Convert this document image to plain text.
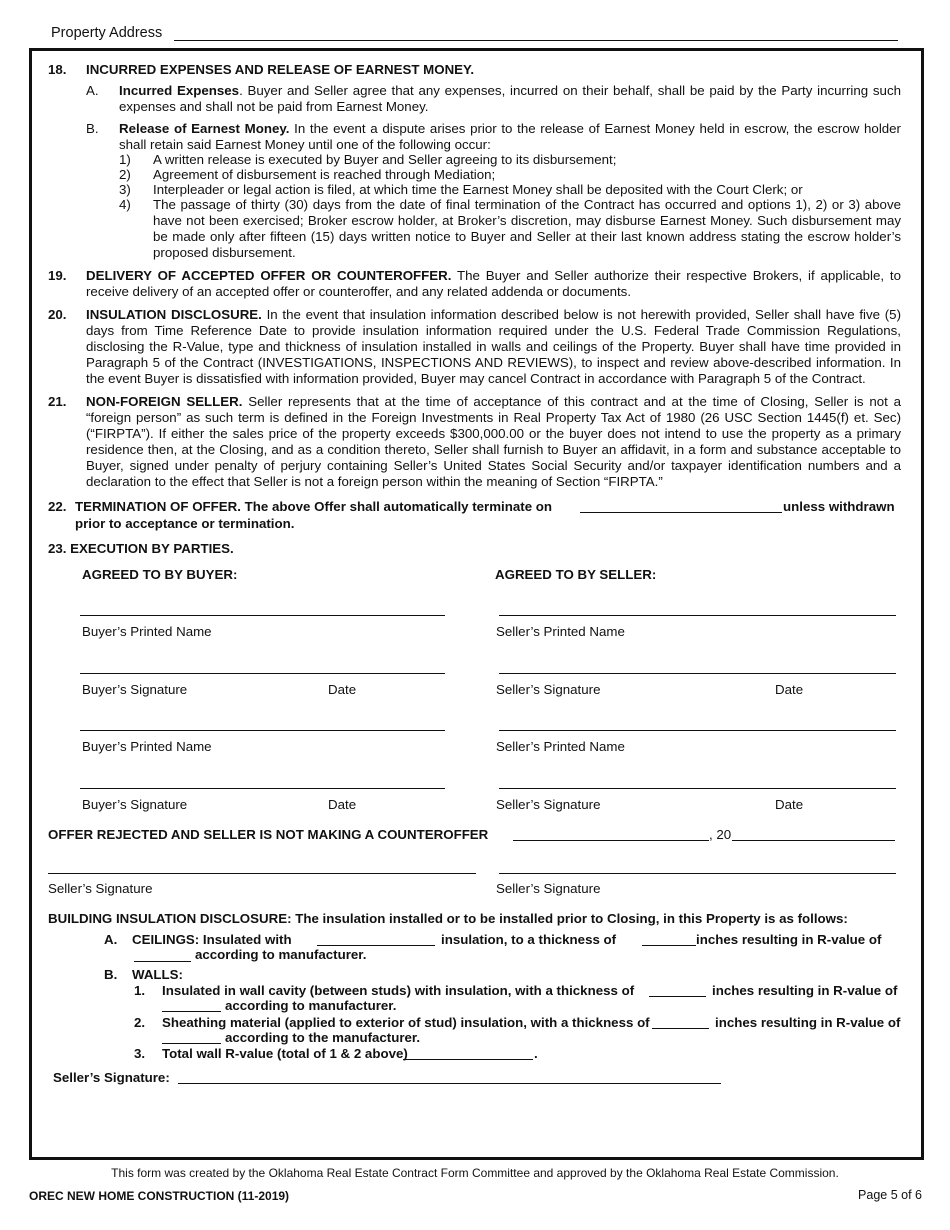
Property Address
18. INCURRED EXPENSES AND RELEASE OF EARNEST MONEY.
A. Incurred Expenses. Buyer and Seller agree that any expenses, incurred on their behalf, shall be paid by the Party incurring such expenses and shall not be paid from Earnest Money.
B. Release of Earnest Money. In the event a dispute arises prior to the release of Earnest Money held in escrow, the escrow holder shall retain said Earnest Money until one of the following occur:
1) A written release is executed by Buyer and Seller agreeing to its disbursement;
2) Agreement of disbursement is reached through Mediation;
3) Interpleader or legal action is filed, at which time the Earnest Money shall be deposited with the Court Clerk; or
4) The passage of thirty (30) days from the date of final termination of the Contract has occurred and options 1), 2) or 3) above have not been exercised; Broker escrow holder, at Broker’s discretion, may disburse Earnest Money. Such disbursement may be made only after fifteen (15) days written notice to Buyer and Seller at their last known address stating the escrow holder’s proposed disbursement.
19. DELIVERY OF ACCEPTED OFFER OR COUNTEROFFER. The Buyer and Seller authorize their respective Brokers, if applicable, to receive delivery of an accepted offer or counteroffer, and any related addenda or documents.
20. INSULATION DISCLOSURE. In the event that insulation information described below is not herewith provided, Seller shall have five (5) days from Time Reference Date to provide insulation information required under the U.S. Federal Trade Commission Regulations, disclosing the R-Value, type and thickness of insulation installed in walls and ceilings of the Property. Buyer shall have time provided in Paragraph 5 of the Contract (INVESTIGATIONS, INSPECTIONS AND REVIEWS), to inspect and review above-described information. In the event Buyer is dissatisfied with information provided, Buyer may cancel Contract in accordance with Paragraph 5 of the Contract.
21. NON-FOREIGN SELLER. Seller represents that at the time of acceptance of this contract and at the time of Closing, Seller is not a “foreign person” as such term is defined in the Foreign Investments in Real Property Tax Act of 1980 (26 USC Section 1445(f) et. Sec) (“FIRPTA”). If either the sales price of the property exceeds $300,000.00 or the buyer does not intend to use the property as a primary residence then, at the Closing, and as a condition thereto, Seller shall furnish to Buyer an affidavit, in a form and substance acceptable to Buyer, signed under penalty of perjury containing Seller’s United States Social Security and/or taxpayer identification numbers and a declaration to the effect that Seller is not a foreign person within the meaning of Section “FIRPTA.”
22. TERMINATION OF OFFER. The above Offer shall automatically terminate on	unless withdrawn
prior to acceptance or termination.
23. EXECUTION BY PARTIES.
AGREED TO BY BUYER:	AGREED TO BY SELLER:
Buyer’s Printed Name	Seller’s Printed Name
Buyer’s Signature	Date	Seller’s Signature	Date
Buyer’s Printed Name	Seller’s Printed Name
Buyer’s Signature	Date	Seller’s Signature	Date
OFFER REJECTED AND SELLER IS NOT MAKING A COUNTEROFFER	, 20
Seller’s Signature	Seller’s Signature
BUILDING INSULATION DISCLOSURE: The insulation installed or to be installed prior to Closing, in this Property is as follows:
A. CEILINGS: Insulated with	insulation, to a thickness of	inches resulting in R-value of
according to manufacturer.
B. WALLS:
1. Insulated in wall cavity (between studs) with insulation, with a thickness of	inches resulting in R-value of
according to manufacturer.
2. Sheathing material (applied to exterior of stud) insulation, with a thickness of	inches resulting in R-value of
according to the manufacturer.
3. Total wall R-value (total of 1 & 2 above)	.
Seller’s Signature:
This form was created by the Oklahoma Real Estate Contract Form Committee and approved by the Oklahoma Real Estate Commission.
OREC NEW HOME CONSTRUCTION (11-2019)	Page 5 of 6
